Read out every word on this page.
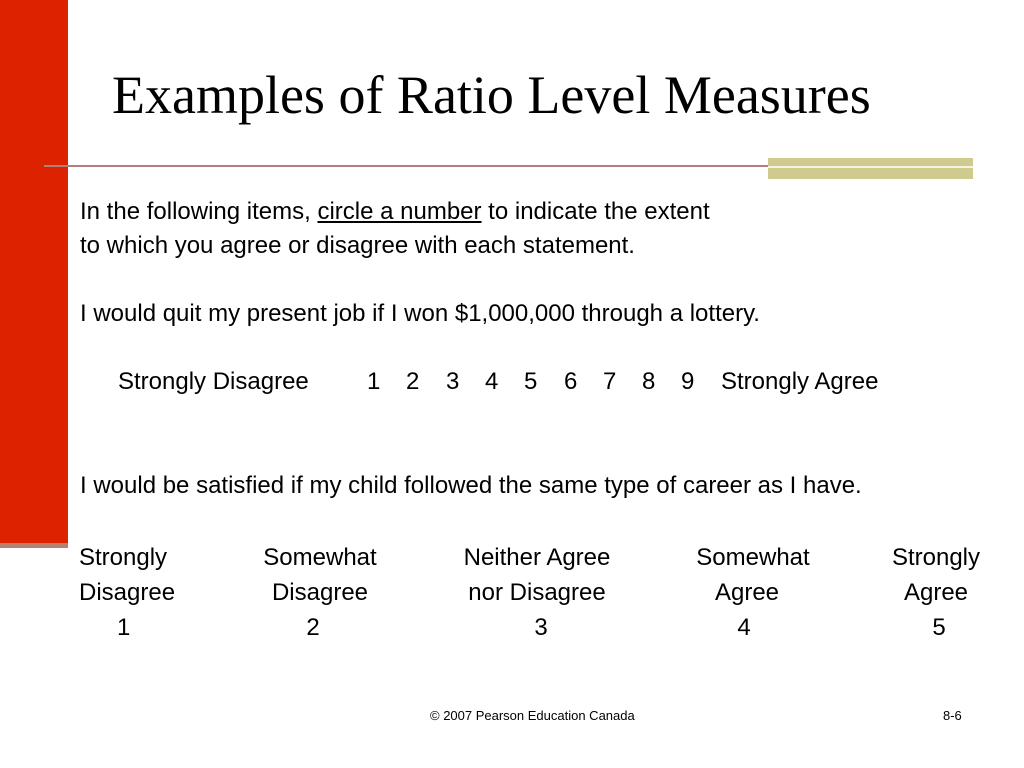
Examples of Ratio Level Measures
In the following items, circle a number to indicate the extent
to which you agree or disagree with each statement.
I would quit my present job if I won $1,000,000 through a lottery.
Strongly Disagree 1 2 3 4 5 6 7 8 9 Strongly Agree
I would be satisfied if my child followed the same type of career as I have.
Strongly
Disagree
1
Somewhat
Disagree
2
Neither Agree
nor Disagree
3
Somewhat
Agree
4
Strongly
Agree
5
© 2007 Pearson Education Canada	8-6
